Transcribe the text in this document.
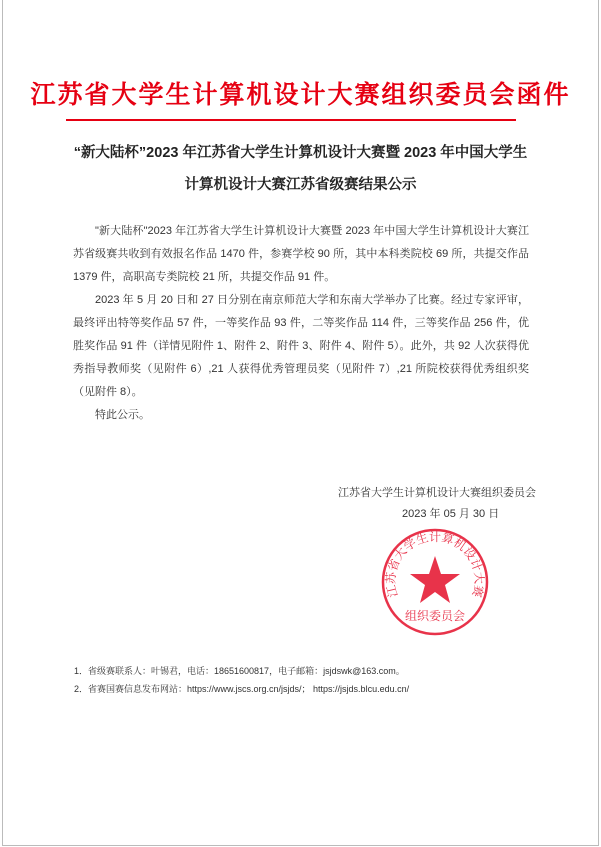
江苏省大学生计算机设计大赛组织委员会函件
“新大陆杯”2023 年江苏省大学生计算机设计大赛暨 2023 年中国大学生
计算机设计大赛江苏省级赛结果公示

"新大陆杯"2023 年江苏省大学生计算机设计大赛暨 2023 年中国大学生计算机设计大赛江苏省级赛共收到有效报名作品 1470 件，参赛学校 90 所，其中本科类院校 69 所，共提交作品 1379 件，高职高专类院校 21 所，共提交作品 91 件。

2023 年 5 月 20 日和 27 日分别在南京师范大学和东南大学举办了比赛。经过专家评审，最终评出特等奖作品 57 件，一等奖作品 93 件，二等奖作品 114 件，三等奖作品 256 件，优胜奖作品 91 件（详情见附件 1、附件 2、附件 3、附件 4、附件 5）。此外，共 92 人次获得优秀指导教师奖（见附件 6）,21 人获得优秀管理员奖（见附件 7）,21 所院校获得优秀组织奖（见附件 8）。

特此公示。

江苏省大学生计算机设计大赛组织委员会
2023 年 05 月 30 日
江苏省大学生计算机设计大赛
组织委员会
1．省级赛联系人：叶锡君，电话：18651600817，电子邮箱：jsjdswk@163.com。
2．省赛国赛信息发布网站：https://www.jscs.org.cn/jsjds/； https://jsjds.blcu.edu.cn/
